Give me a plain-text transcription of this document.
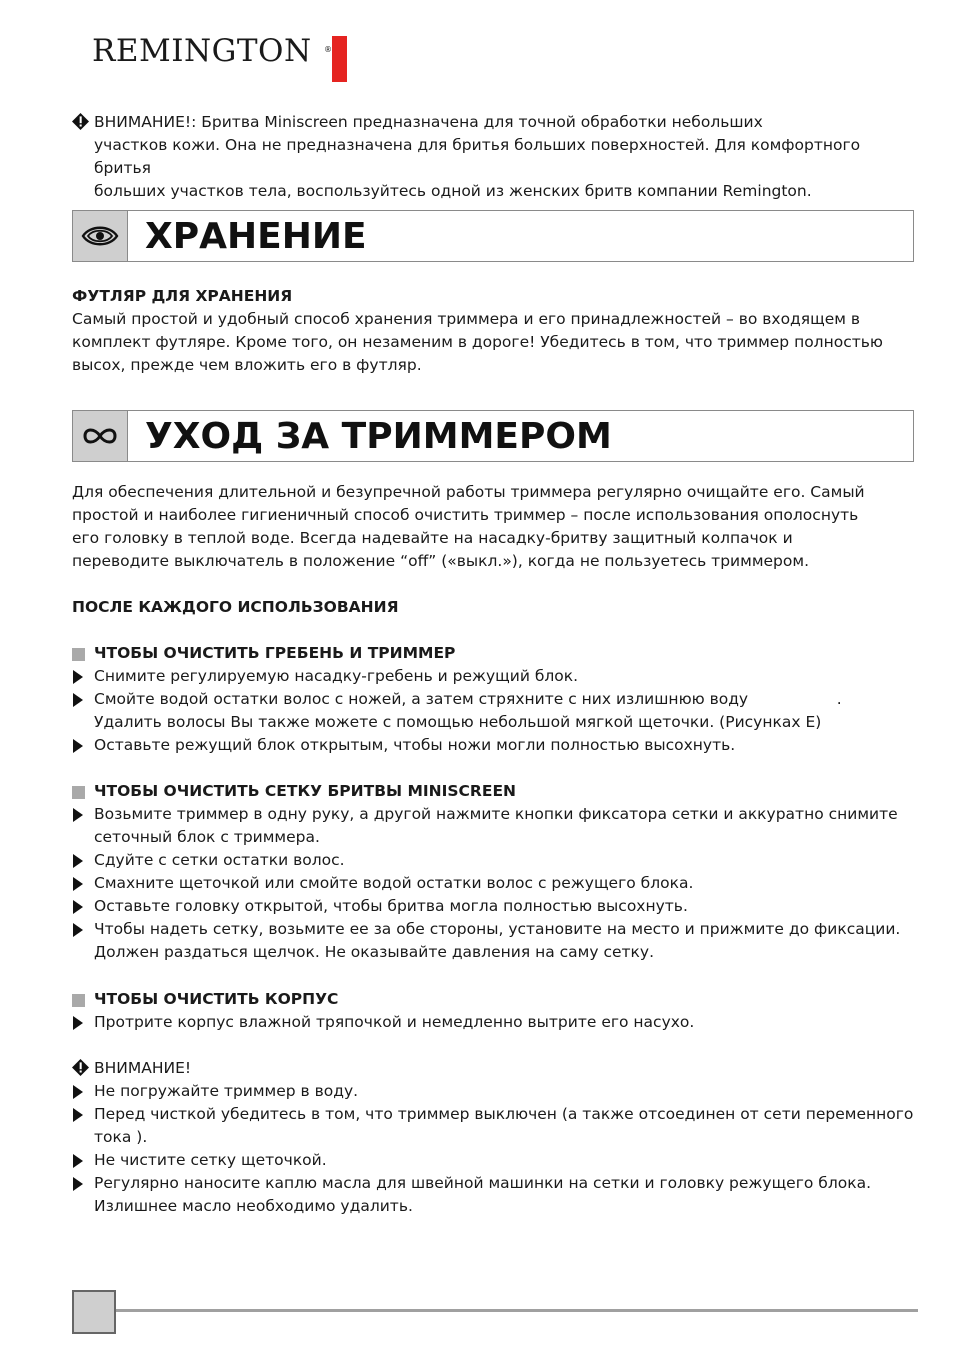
REMINGTON ®
ВНИМАНИЕ!: Бритва Miniscreen предназначена для точной обработки небольших
участков кожи. Она не предназначена для бритья больших поверхностей. Для комфортного бритья
больших участков тела, воспользуйтесь одной из женских бритв компании Remington.
ХРАНЕНИЕ

ФУТЛЯР ДЛЯ ХРАНЕНИЯ

Самый простой и удобный способ хранения триммера и его принадлежностей – во входящем в

комплект футляре. Кроме того, он незаменим в дороге! Убедитесь в том, что триммер полностью

высох, прежде чем вложить его в футляр.

УХОД ЗА ТРИММЕРОМ

Для обеспечения длительной и безупречной работы триммера регулярно очищайте его. Самый

простой и наиболее гигиеничный способ очистить триммер – после использования ополоснуть

его головку в теплой воде. Всегда надевайте на насадку-бритву защитный колпачок и

переводите выключатель в положение “off” («выкл.»), когда не пользуетесь триммером.

ПОСЛЕ КАЖДОГО ИСПОЛЬЗОВАНИЯ

ЧТОБЫ ОЧИСТИТЬ ГРЕБЕНЬ И ТРИММЕР

Снимите регулируемую насадку-гребень и режущий блок.
Смойте водой остатки волос с ножей, а затем стряхните с них излишнюю воду                  .
Удалить волосы Вы также можете с помощью небольшой мягкой щеточки. (Рисунках E)
Оставьте режущий блок открытым, чтобы ножи могли полностью высохнуть.

ЧТОБЫ ОЧИСТИТЬ СЕТКУ БРИТВЫ MINISCREEN

Возьмите триммер в одну руку, а другой нажмите кнопки фиксатора сетки и аккуратно снимите
сеточный блок с триммера.
Сдуйте с сетки остатки волос.
Смахните щеточкой или смойте водой остатки волос с режущего блока.
Оставьте головку открытой, чтобы бритва могла полностью высохнуть.
Чтобы надеть сетку, возьмите ее за обе стороны, установите на место и прижмите до фиксации.
Должен раздаться щелчок. Не оказывайте давления на саму сетку.

ЧТОБЫ ОЧИСТИТЬ КОРПУС

Протрите корпус влажной тряпочкой и немедленно вытрите его насухо.
ВНИМАНИЕ!
Не погружайте триммер в воду.
Перед чисткой убедитесь в том, что триммер выключен (а также отсоединен от сети переменного
тока ).
Не чистите сетку щеточкой.
Регулярно наносите каплю масла для швейной машинки на сетки и головку режущего блока.
Излишнее масло необходимо удалить.
